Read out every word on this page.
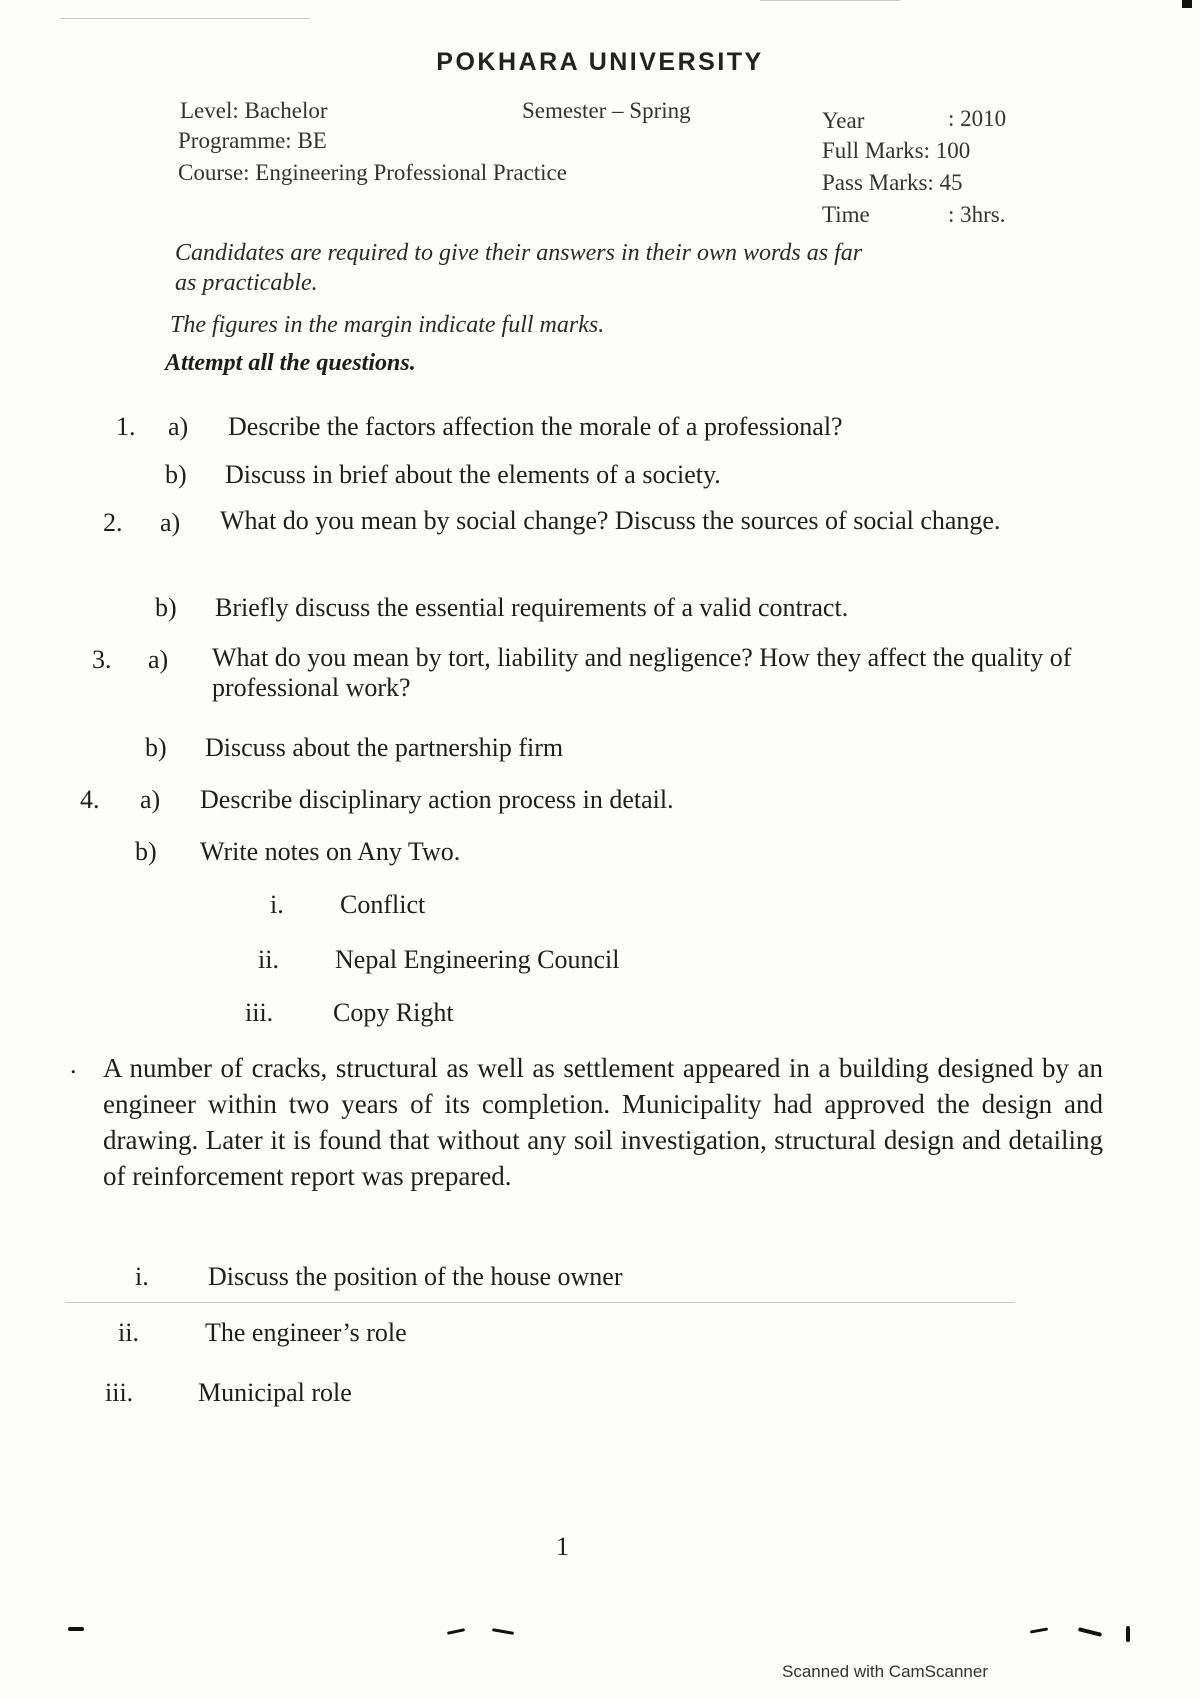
POKHARA UNIVERSITY
Level: Bachelor	Semester – Spring
Programme: BE
Course: Engineering Professional Practice
Year	: 2010
Full Marks: 100
Pass Marks: 45
Time	: 3hrs.
Candidates are required to give their answers in their own words as far
as practicable.
The figures in the margin indicate full marks.
Attempt all the questions.
1. a) Describe the factors affection the morale of a professional?
b) Discuss in brief about the elements of a society.
2. a) What do you mean by social change? Discuss the sources of social change.
b) Briefly discuss the essential requirements of a valid contract.
3. a) What do you mean by tort, liability and negligence? How they affect the quality of professional work?
b) Discuss about the partnership firm
4. a) Describe disciplinary action process in detail.
b) Write notes on Any Two.
i. Conflict
ii. Nepal Engineering Council
iii. Copy Right
. A number of cracks, structural as well as settlement appeared in a building designed by an engineer within two years of its completion. Municipality had approved the design and drawing. Later it is found that without any soil investigation, structural design and detailing of reinforcement report was prepared.
i. Discuss the position of the house owner
ii.	The engineer’s role
iii. Municipal role
1
Scanned with CamScanner
